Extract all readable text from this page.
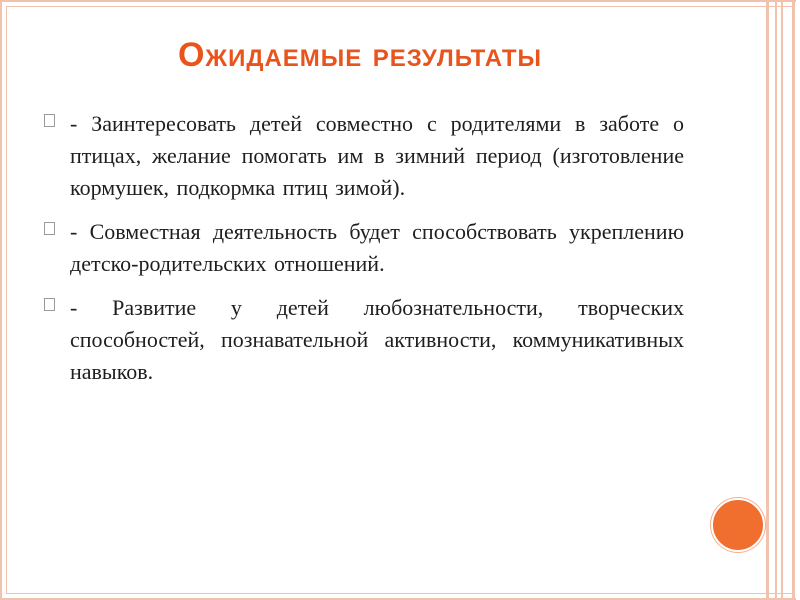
Ожидаемые результаты
- Заинтересовать детей совместно с родителями в заботе о птицах, желание помогать им в зимний период (изготовление кормушек, подкормка птиц зимой).
- Совместная деятельность будет способствовать укреплению детско-родительских отношений.
- Развитие у детей любознательности, творческих способностей, познавательной активности, коммуникативных навыков.
